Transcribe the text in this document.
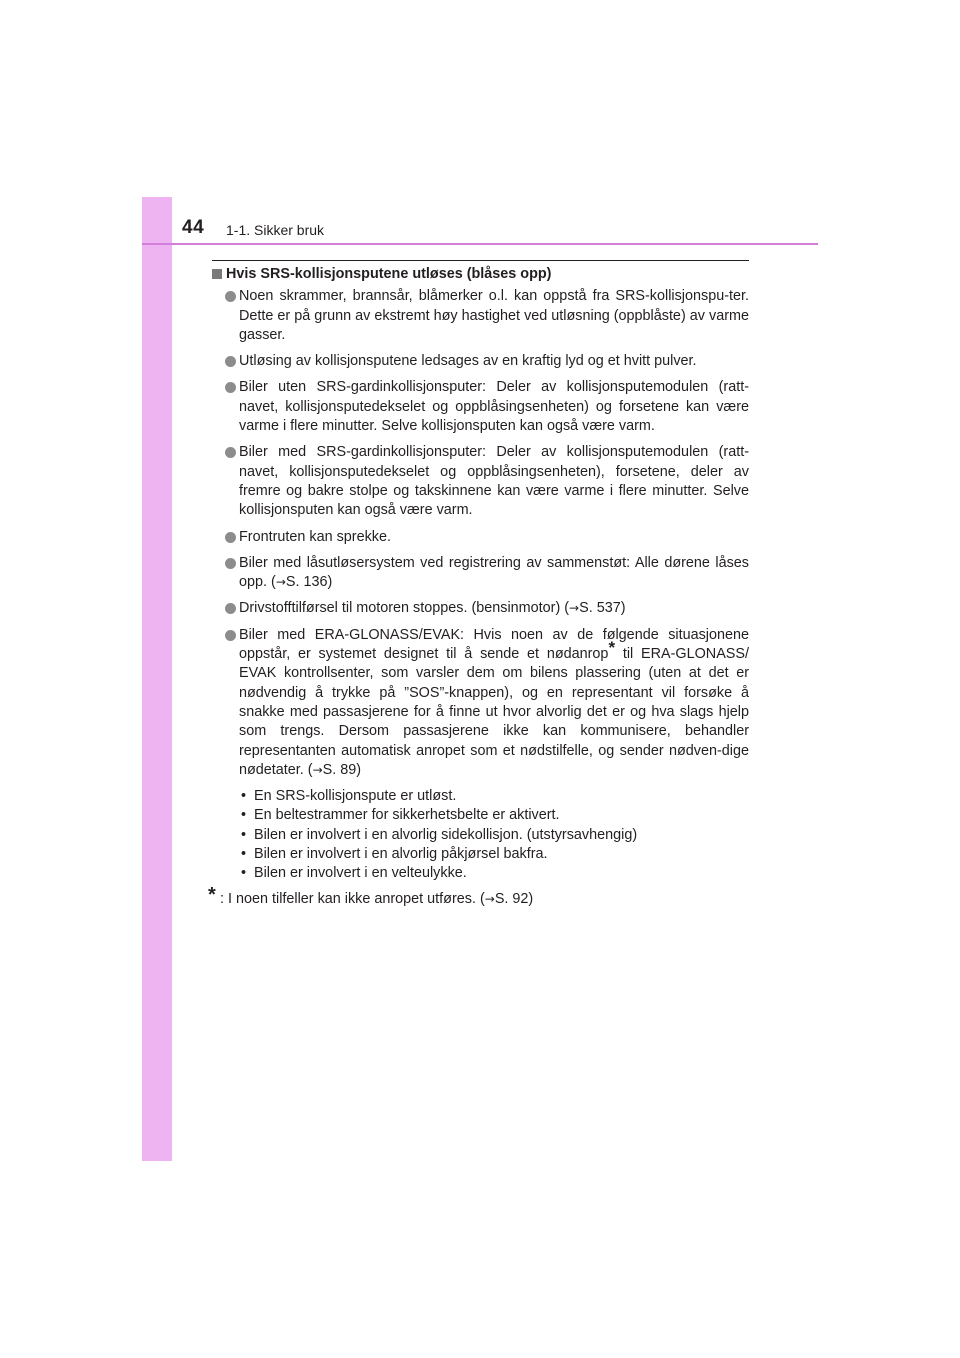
44 1-1. Sikker bruk
Hvis SRS-kollisjonsputene utløses (blåses opp)
Noen skrammer, brannsår, blåmerker o.l. kan oppstå fra SRS-kollisjonspu-ter. Dette er på grunn av ekstremt høy hastighet ved utløsning (oppblåste) av varme gasser.
Utløsing av kollisjonsputene ledsages av en kraftig lyd og et hvitt pulver.
Biler uten SRS-gardinkollisjonsputer: Deler av kollisjonsputemodulen (ratt-navet, kollisjonsputedekselet og oppblåsingsenheten) og forsetene kan være varme i flere minutter. Selve kollisjonsputen kan også være varm.
Biler med SRS-gardinkollisjonsputer: Deler av kollisjonsputemodulen (ratt-navet, kollisjonsputedekselet og oppblåsingsenheten), forsetene, deler av fremre og bakre stolpe og takskinnene kan være varme i flere minutter. Selve kollisjonsputen kan også være varm.
Frontruten kan sprekke.
Biler med låsutløsersystem ved registrering av sammenstøt: Alle dørene låses opp. (→S. 136)
Drivstofftilførsel til motoren stoppes. (bensinmotor) (→S. 537)
Biler med ERA-GLONASS/EVAK: Hvis noen av de følgende situasjonene oppstår, er systemet designet til å sende et nødanrop* til ERA-GLONASS/ EVAK kontrollsenter, som varsler dem om bilens plassering (uten at det er nødvendig å trykke på ”SOS”-knappen), og en representant vil forsøke å snakke med passasjerene for å finne ut hvor alvorlig det er og hva slags hjelp som trengs. Dersom passasjerene ikke kan kommunisere, behandler representanten automatisk anropet som et nødstilfelle, og sender nødven-dige nødetater. (→S. 89)
• En SRS-kollisjonspute er utløst.
• En beltestrammer for sikkerhetsbelte er aktivert.
• Bilen er involvert i en alvorlig sidekollisjon. (utstyrsavhengig)
• Bilen er involvert i en alvorlig påkjørsel bakfra.
• Bilen er involvert i en velteulykke.
* : I noen tilfeller kan ikke anropet utføres. (→S. 92)
